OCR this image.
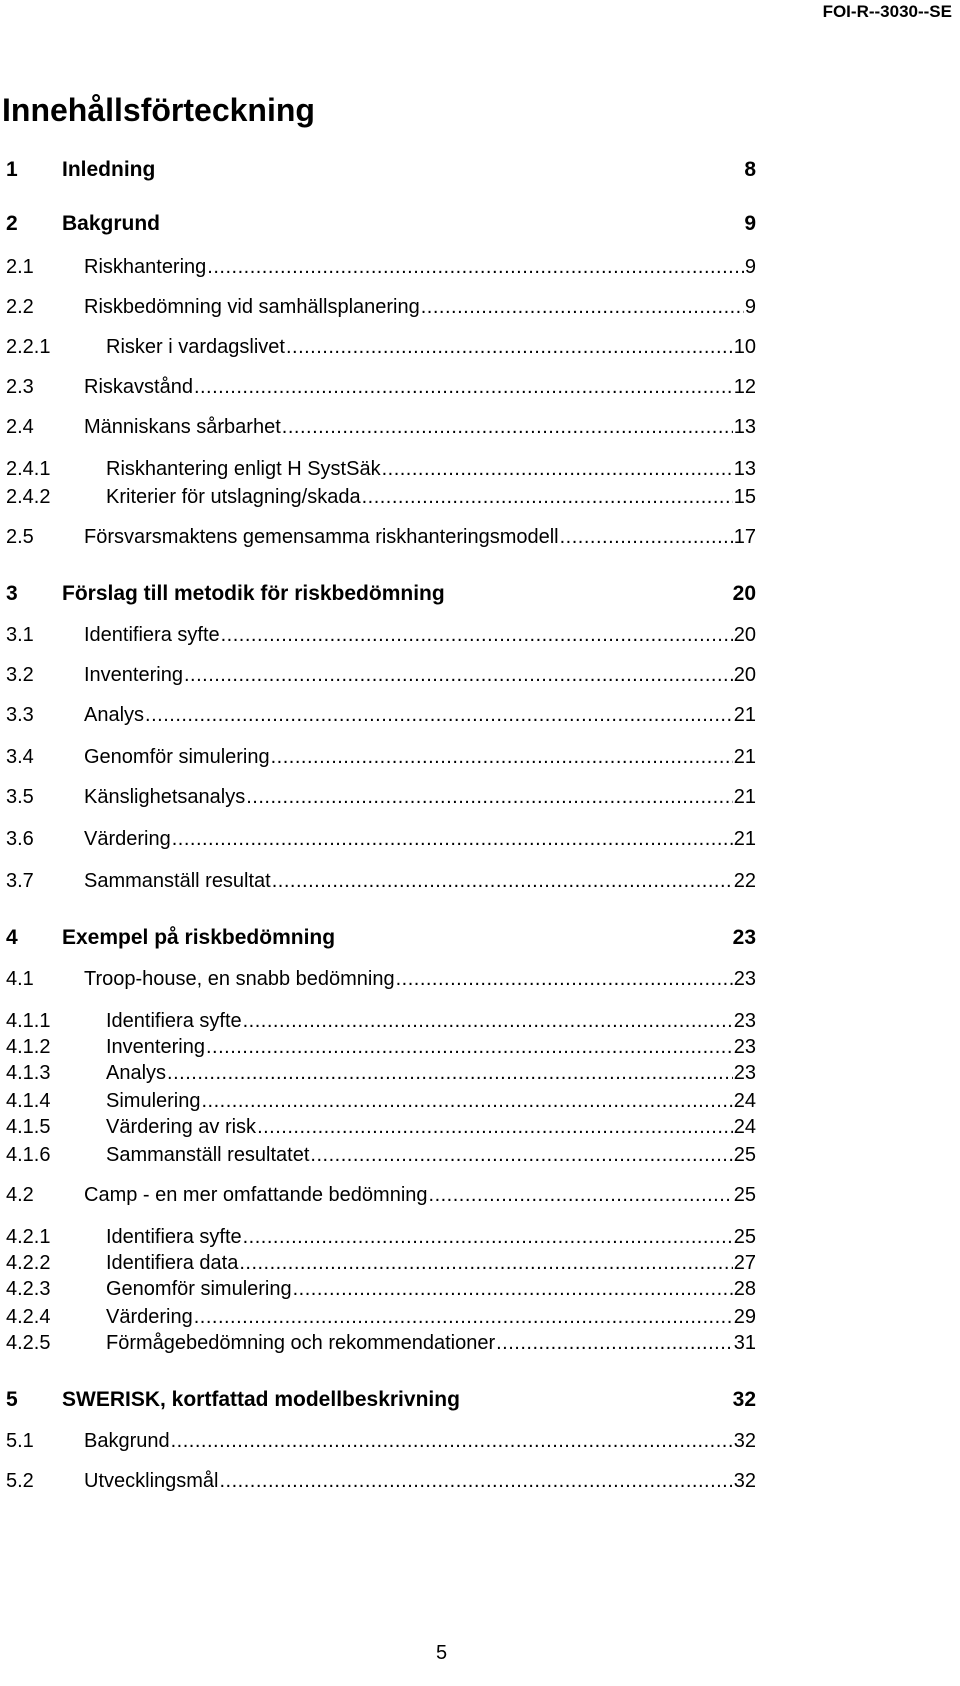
FOI-R--3030--SE
Innehållsförteckning
1 Inledning	8
2 Bakgrund	9
2.1	Riskhantering .....	9
2.2	Riskbedömning vid samhällsplanering .....	9
2.2.1	Risker i vardagslivet .....	10
2.3	Riskavstånd .....	12
2.4	Människans sårbarhet .....	13
2.4.1	Riskhantering enligt H SystSäk .....	13
2.4.2	Kriterier för utslagning/skada .....	15
2.5	Försvarsmaktens gemensamma riskhanteringsmodell .....	17
3 Förslag till metodik för riskbedömning	20
3.1	Identifiera syfte .....	20
3.2	Inventering .....	20
3.3	Analys .....	21
3.4	Genomför simulering .....	21
3.5	Känslighetsanalys .....	21
3.6	Värdering .....	21
3.7	Sammanställ resultat .....	22
4 Exempel på riskbedömning	23
4.1	Troop-house, en snabb bedömning .....	23
4.1.1	Identifiera syfte .....	23
4.1.2	Inventering .....	23
4.1.3	Analys .....	23
4.1.4	Simulering .....	24
4.1.5	Värdering av risk .....	24
4.1.6	Sammanställ resultatet .....	25
4.2	Camp - en mer omfattande bedömning .....	25
4.2.1	Identifiera syfte .....	25
4.2.2	Identifiera data .....	27
4.2.3	Genomför simulering .....	28
4.2.4	Värdering .....	29
4.2.5	Förmågebedömning och rekommendationer .....	31
5 SWERISK, kortfattad modellbeskrivning	32
5.1	Bakgrund .....	32
5.2	Utvecklingsmål .....	32
5
